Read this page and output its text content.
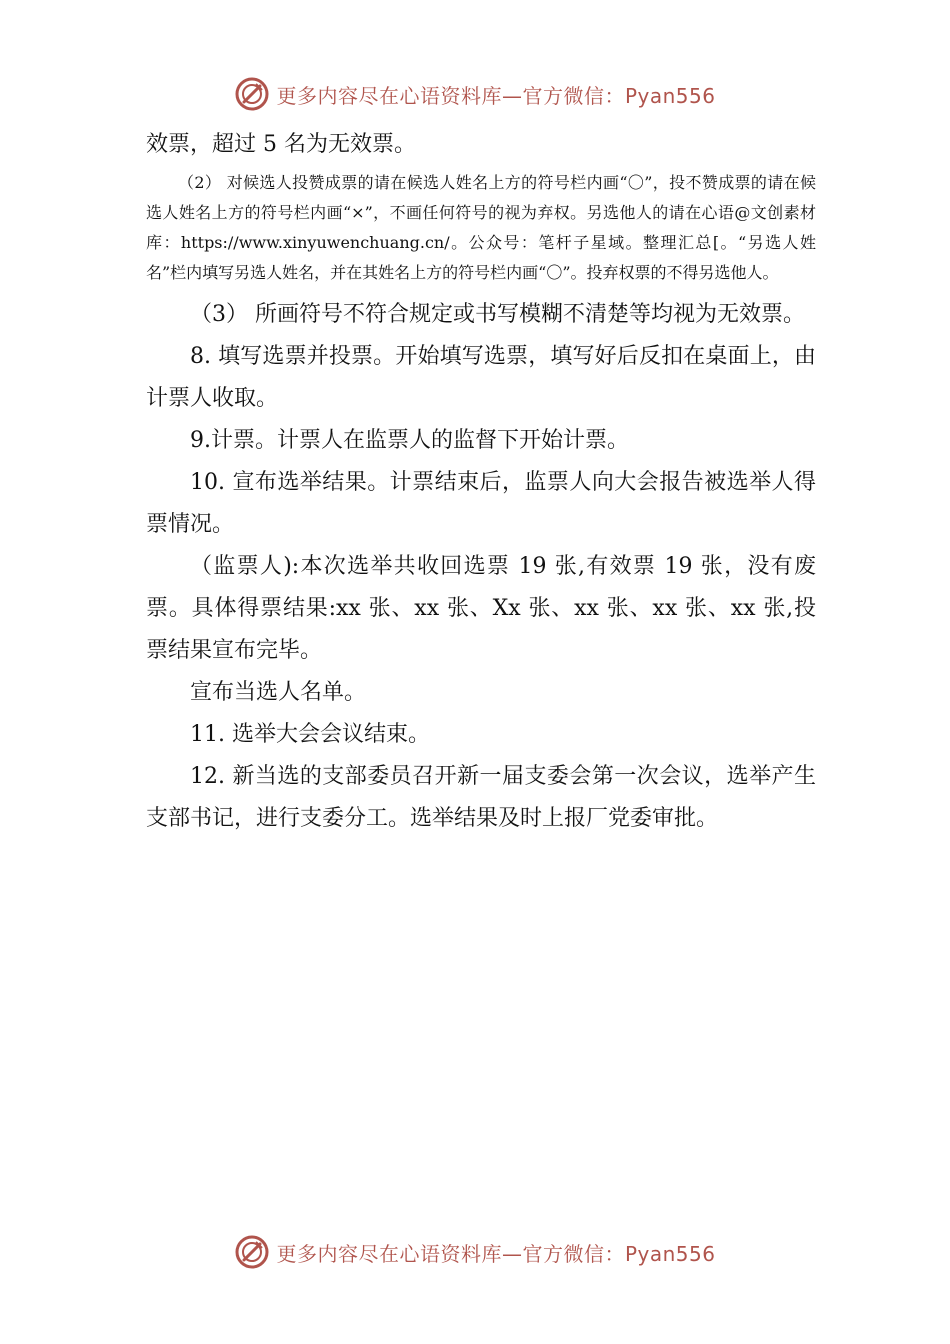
更多内容尽在心语资料库—官方微信：Pyan556

效票，超过 5 名为无效票。

（2） 对候选人投赞成票的请在候选人姓名上方的符号栏内画“〇”，投不赞成票的请在候选人姓名上方的符号栏内画“×”，不画任何符号的视为弃权。另选他人的请在心语@文创素材库：https://www.xinyuwenchuang.cn/。公众号：笔杆子星域。整理汇总[。“另选人姓名”栏内填写另选人姓名，并在其姓名上方的符号栏内画“〇”。投弃权票的不得另选他人。

（3） 所画符号不符合规定或书写模糊不清楚等均视为无效票。

8. 填写选票并投票。开始填写选票，填写好后反扣在桌面上，由计票人收取。

9.计票。计票人在监票人的监督下开始计票。

10. 宣布选举结果。计票结束后，监票人向大会报告被选举人得票情况。

（监票人):本次选举共收回选票 19 张,有效票 19 张，没有废票。具体得票结果:xx 张、xx 张、Xx 张、xx 张、xx 张、xx 张,投票结果宣布完毕。

宣布当选人名单。

11. 选举大会会议结束。

12. 新当选的支部委员召开新一届支委会第一次会议，选举产生支部书记，进行支委分工。选举结果及时上报厂党委审批。

更多内容尽在心语资料库—官方微信：Pyan556
